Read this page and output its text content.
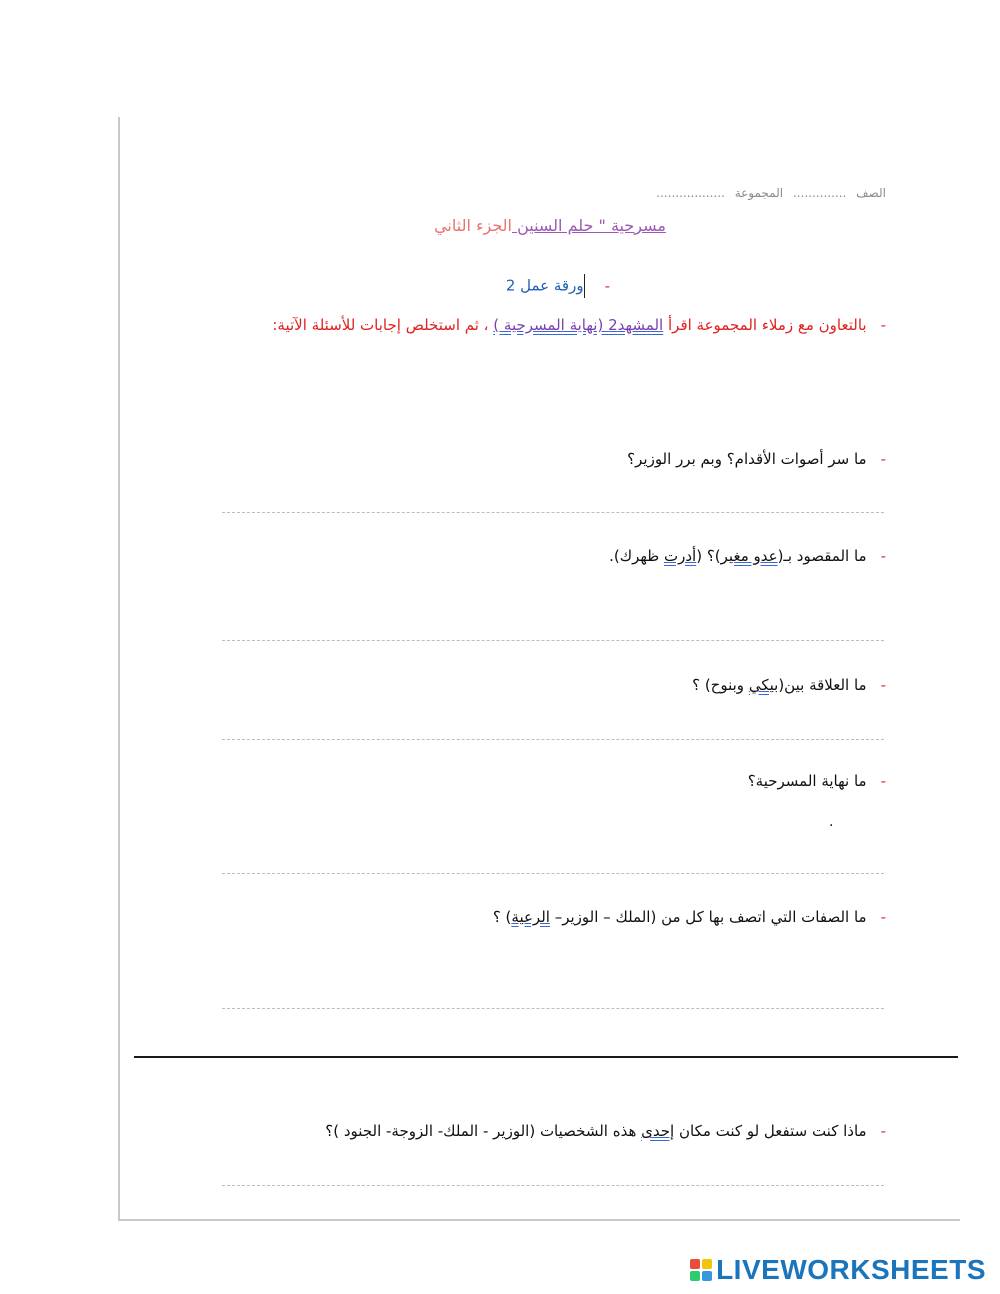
الصف .............. المجموعة ..................
مسرحية " حلم السنين الجزء الثاني
-ورقة عمل 2
-بالتعاون مع زملاء المجموعة اقرأ المشهد2 (نهاية المسرحية ) ، ثم استخلص إجابات للأسئلة الآتية:
-ما سر أصوات الأقدام؟ وبم برر الوزير؟
-ما المقصود بـ(عدو مغير)؟ (أدرت ظهرك).
-ما العلاقة بين(بيكي وبنوح) ؟
-ما نهاية المسرحية؟
.
-ما الصفات التي اتصف بها كل من (الملك – الوزير– الرعية) ؟
-ماذا كنت ستفعل لو كنت مكان إحدى هذه الشخصيات (الوزير - الملك- الزوجة- الجنود )؟
LIVEWORKSHEETS
